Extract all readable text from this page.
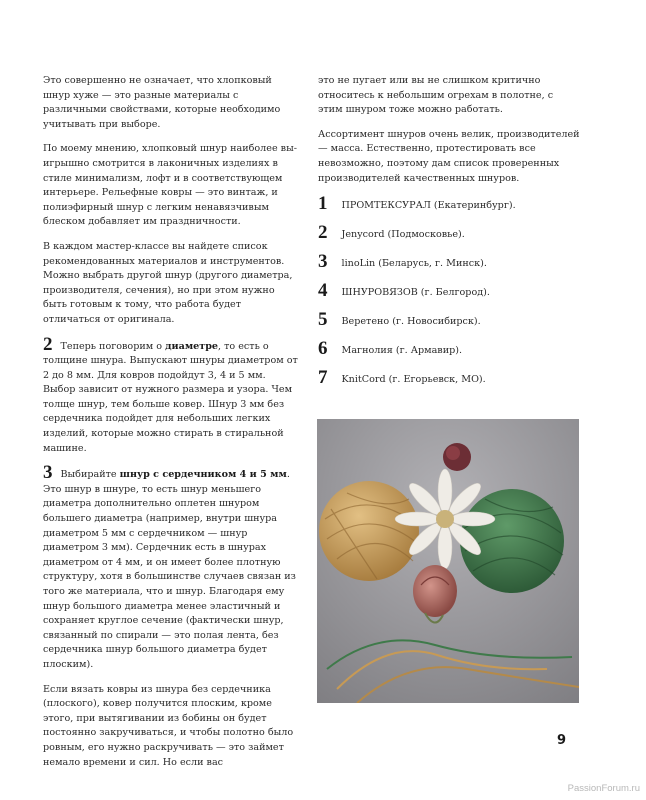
Это совершенно не означает, что хлопковый шнур хуже — это разные материалы с различными свойствами, которые необходимо учитывать при выборе.

По моему мнению, хлопковый шнур наиболее выигрышно смотрится в лаконичных изделиях в стиле минимализм, лофт и в соответствующем интерьере. Рельефные ковры — это винтаж, и полиэфирный шнур с легким ненавязчивым блеском добавляет им праздничности.

В каждом мастер-классе вы найдете список рекомендованных материалов и инструментов. Можно выбрать другой шнур (другого диаметра, производителя, сечения), но при этом нужно быть готовым к тому, что работа будет отличаться от оригинала.

2 Теперь поговорим о диаметре, то есть о толщине шнура. Выпускают шнуры диаметром от 2 до 8 мм. Для ковров подойдут 3, 4 и 5 мм. Выбор зависит от нужного размера и узора. Чем толще шнур, тем больше ковер. Шнур 3 мм без сердечника подойдет для небольших легких изделий, которые можно стирать в стиральной машине.

3 Выбирайте шнур с сердечником 4 и 5 мм. Это шнур в шнуре, то есть шнур меньшего диаметра дополнительно оплетен шнуром большего диаметра (например, внутри шнура диаметром 5 мм с сердечником — шнур диаметром 3 мм). Сердечник есть в шнурах диаметром от 4 мм, и он имеет более плотную структуру, хотя в большинстве случаев связан из того же материала, что и шнур. Благодаря ему шнур большого диаметра менее эластичный и сохраняет круглое сечение (фактически шнур, связанный по спирали — это полая лента, без сердечника шнур большого диаметра будет плоским).

Если вязать ковры из шнура без сердечника (плоского), ковер получится плоским, кроме этого, при вытягивании из бобины он будет постоянно закручиваться, и чтобы полотно было ровным, его нужно раскручивать — это займет немало времени и сил. Но если вас

это не пугает или вы не слишком критично относитесь к небольшим огрехам в полотне, с этим шнуром тоже можно работать.

Ассортимент шнуров очень велик, производителей — масса. Естественно, протестировать все невозможно, поэтому дам список проверенных производителей качественных шнуров.

1 ПРОМТЕКСУРАЛ (Екатеринбург).
2 Jenycord (Подмосковье).
3 linoLin (Беларусь, г. Минск).
4 ШНУРОВЯЗОВ (г. Белгород).
5 Веретено (г. Новосибирск).
6 Магнолия (г. Армавир).
7 KnitCord (г. Егорьевск, МО).
9
PassionForum.ru
